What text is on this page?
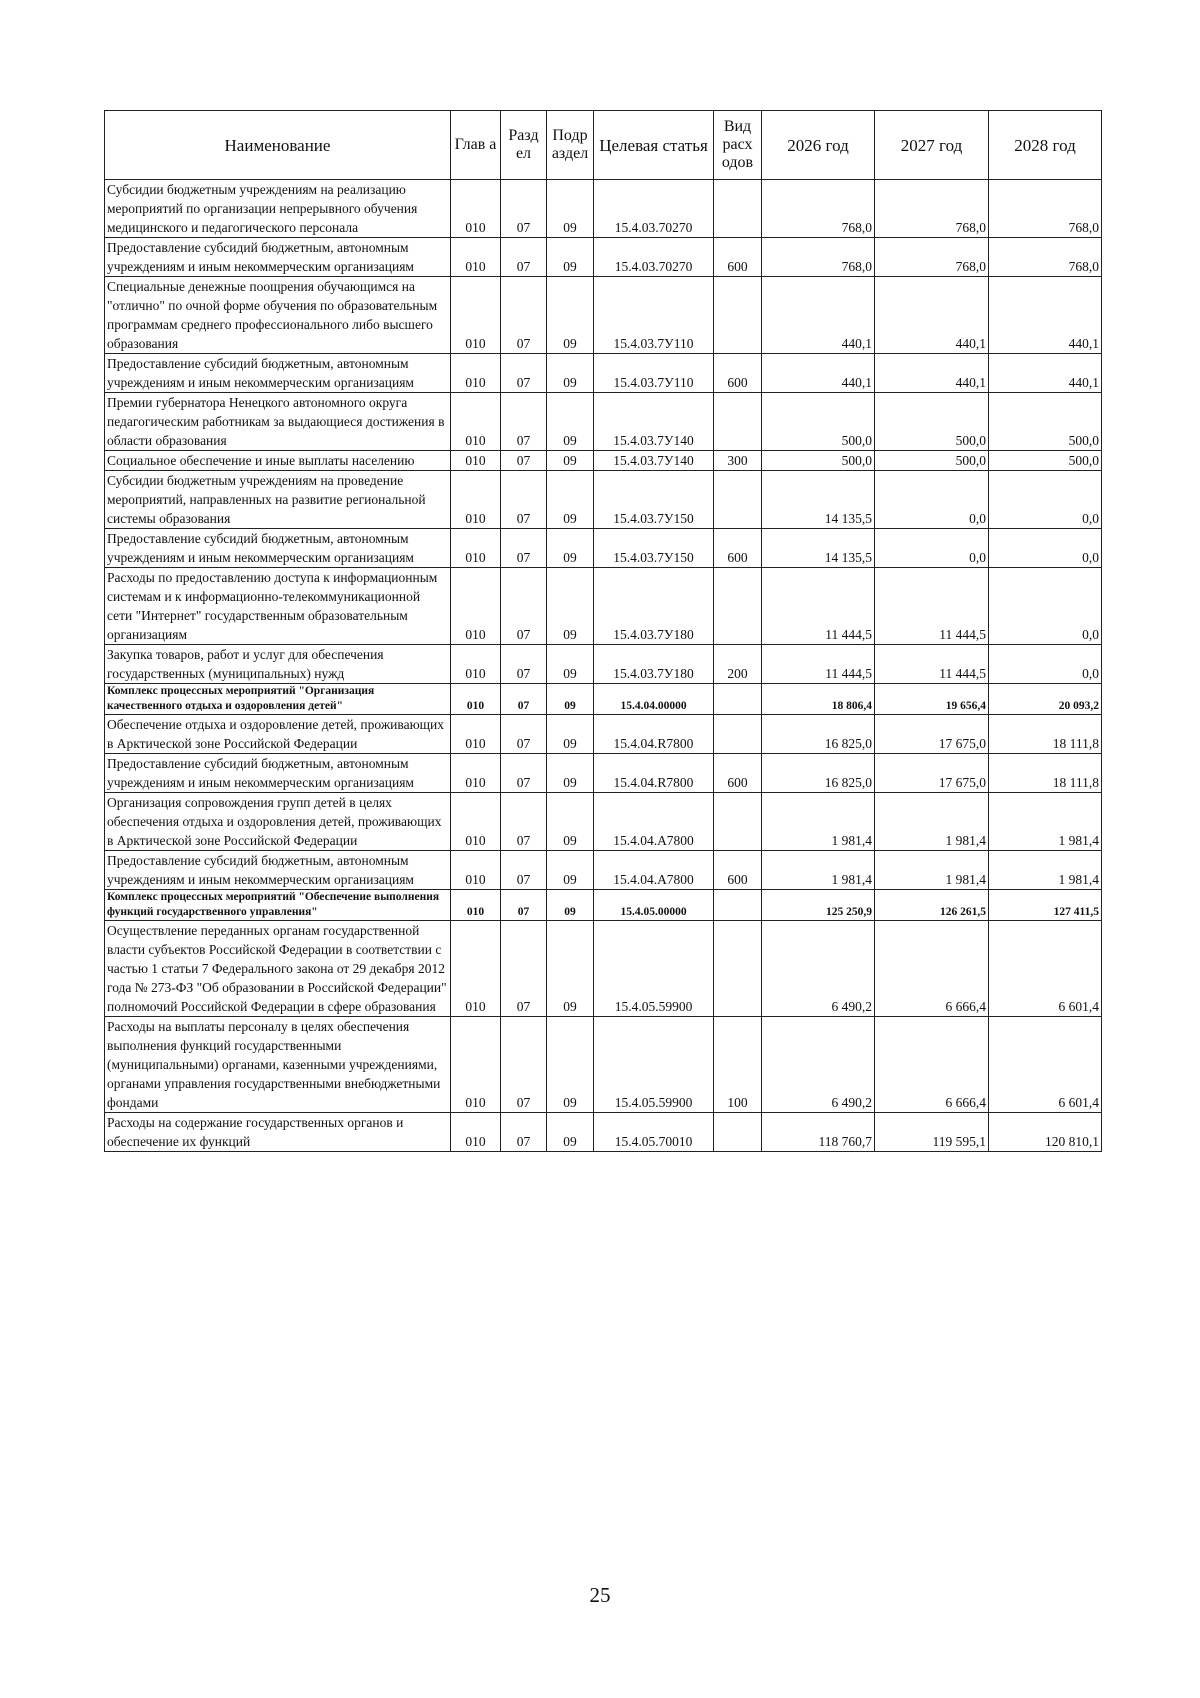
Наименование	Глав а	Разд ел	Подр аздел	Целевая статья	Вид расх одов	2026 год	2027 год	2028 год
Субсидии бюджетным учреждениям на реализацию мероприятий по организации непрерывного обучения медицинского и педагогического персонала	010	07	09	15.4.03.70270		768,0	768,0	768,0
Предоставление субсидий бюджетным, автономным учреждениям и иным некоммерческим организациям	010	07	09	15.4.03.70270	600	768,0	768,0	768,0
Специальные денежные поощрения обучающимся на "отлично" по очной форме обучения по образовательным программам среднего профессионального либо высшего образования	010	07	09	15.4.03.7У110		440,1	440,1	440,1
Предоставление субсидий бюджетным, автономным учреждениям и иным некоммерческим организациям	010	07	09	15.4.03.7У110	600	440,1	440,1	440,1
Премии губернатора Ненецкого автономного округа педагогическим работникам за выдающиеся достижения в области образования	010	07	09	15.4.03.7У140		500,0	500,0	500,0
Социальное обеспечение и иные выплаты населению	010	07	09	15.4.03.7У140	300	500,0	500,0	500,0
Субсидии бюджетным учреждениям на проведение мероприятий, направленных на развитие региональной системы образования	010	07	09	15.4.03.7У150		14 135,5	0,0	0,0
Предоставление субсидий бюджетным, автономным учреждениям и иным некоммерческим организациям	010	07	09	15.4.03.7У150	600	14 135,5	0,0	0,0
Расходы по предоставлению доступа к информационным системам и к информационно-телекоммуникационной сети "Интернет" государственным образовательным организациям	010	07	09	15.4.03.7У180		11 444,5	11 444,5	0,0
Закупка товаров, работ и услуг для обеспечения государственных (муниципальных) нужд	010	07	09	15.4.03.7У180	200	11 444,5	11 444,5	0,0
Комплекс процессных мероприятий "Организация качественного отдыха и оздоровления детей"	010	07	09	15.4.04.00000		18 806,4	19 656,4	20 093,2
Обеспечение отдыха и оздоровление детей, проживающих в Арктической зоне Российской Федерации	010	07	09	15.4.04.R7800		16 825,0	17 675,0	18 111,8
Предоставление субсидий бюджетным, автономным учреждениям и иным некоммерческим организациям	010	07	09	15.4.04.R7800	600	16 825,0	17 675,0	18 111,8
Организация сопровождения групп детей в целях обеспечения отдыха и оздоровления детей, проживающих в Арктической зоне Российской Федерации	010	07	09	15.4.04.А7800		1 981,4	1 981,4	1 981,4
Предоставление субсидий бюджетным, автономным учреждениям и иным некоммерческим организациям	010	07	09	15.4.04.А7800	600	1 981,4	1 981,4	1 981,4
Комплекс процессных мероприятий "Обеспечение выполнения функций государственного управления"	010	07	09	15.4.05.00000		125 250,9	126 261,5	127 411,5
Осуществление переданных органам государственной власти субъектов Российской Федерации в соответствии с частью 1 статьи 7 Федерального закона от 29 декабря 2012 года № 273-ФЗ "Об образовании в Российской Федерации" полномочий Российской Федерации в сфере образования	010	07	09	15.4.05.59900		6 490,2	6 666,4	6 601,4
Расходы на выплаты персоналу в целях обеспечения выполнения функций государственными (муниципальными) органами, казенными учреждениями, органами управления государственными внебюджетными фондами	010	07	09	15.4.05.59900	100	6 490,2	6 666,4	6 601,4
Расходы на содержание государственных органов и обеспечение их функций	010	07	09	15.4.05.70010		118 760,7	119 595,1	120 810,1
25
